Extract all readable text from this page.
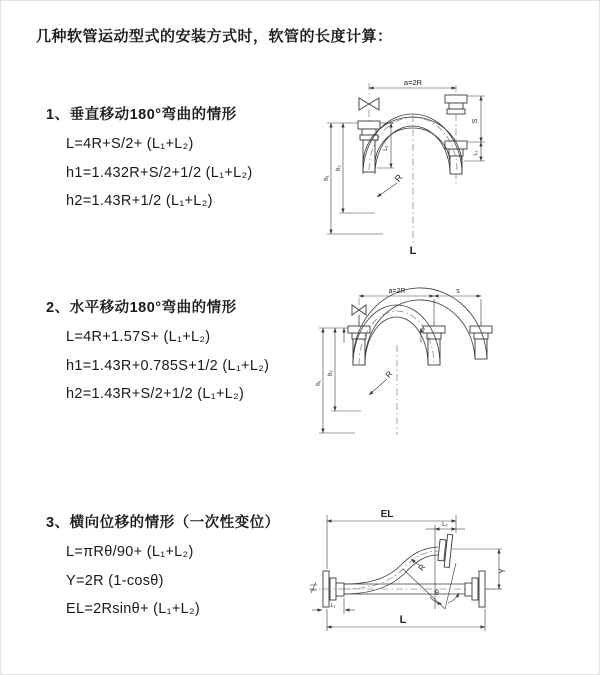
几种软管运动型式的安装方式时，软管的长度计算：
1、垂直移动180°弯曲的情形
L=4R+S/2+ (L₁+L₂)
h1=1.432R+S/2+1/2 (L₁+L₂)
h2=1.43R+1/2 (L₁+L₂)
2、水平移动180°弯曲的情形
L=4R+1.57S+ (L₁+L₂)
h1=1.43R+0.785S+1/2 (L₁+L₂)
h2=1.43R+S/2+1/2 (L₁+L₂)
3、横向位移的情形（一次性变位）
L=πRθ/90+ (L₁+L₂)
Y=2R (1-cosθ)
EL=2Rsinθ+ (L₁+L₂)
a=2R
L₁
S
L₂
h₁
h₂
R
L
a=2R	s
h₁
h₂	R
EL
L₂
Y
R
θ
L
L₁
